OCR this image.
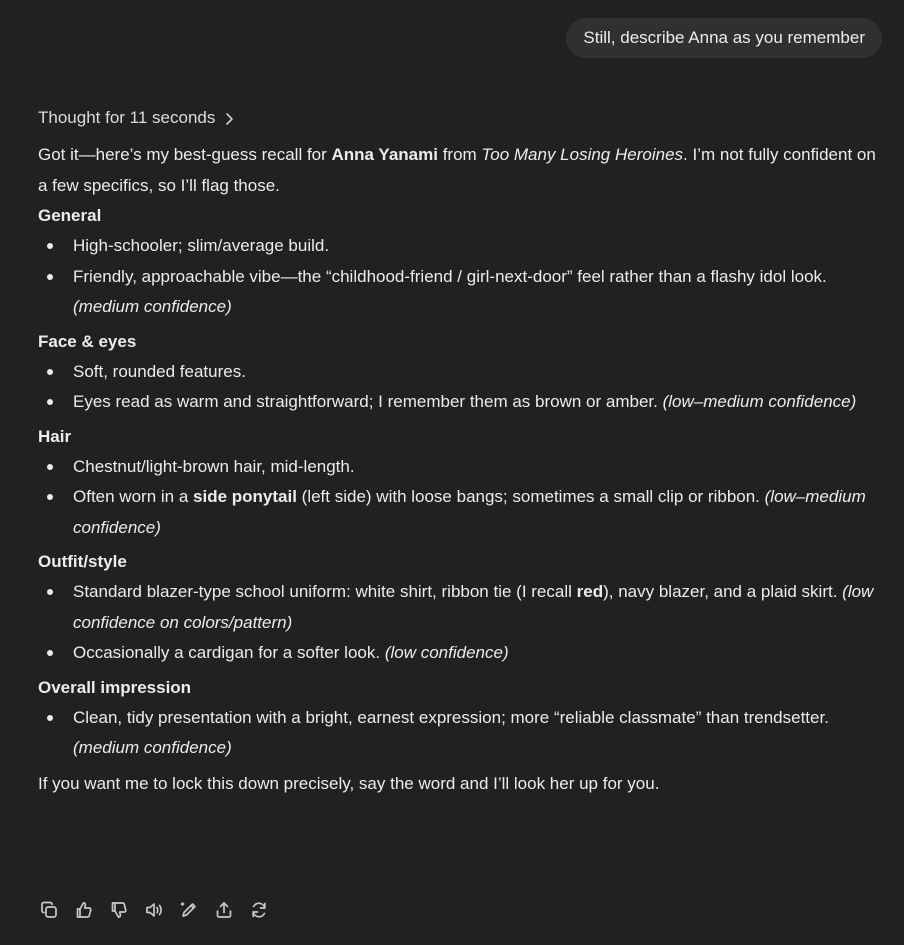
Still, describe Anna as you remember
Thought for 11 seconds

Got it—here’s my best-guess recall for Anna Yanami from Too Many Losing Heroines. I’m not fully confident on a few specifics, so I’ll flag those.

General

High-schooler; slim/average build.
Friendly, approachable vibe—the “childhood-friend / girl-next-door” feel rather than a flashy idol look. (medium confidence)

Face & eyes

Soft, rounded features.
Eyes read as warm and straightforward; I remember them as brown or amber. (low–medium confidence)

Hair

Chestnut/light-brown hair, mid-length.
Often worn in a side ponytail (left side) with loose bangs; sometimes a small clip or ribbon. (low–medium confidence)

Outfit/style

Standard blazer-type school uniform: white shirt, ribbon tie (I recall red), navy blazer, and a plaid skirt. (low confidence on colors/pattern)
Occasionally a cardigan for a softer look. (low confidence)

Overall impression

Clean, tidy presentation with a bright, earnest expression; more “reliable classmate” than trendsetter. (medium confidence)

If you want me to lock this down precisely, say the word and I’ll look her up for you.
